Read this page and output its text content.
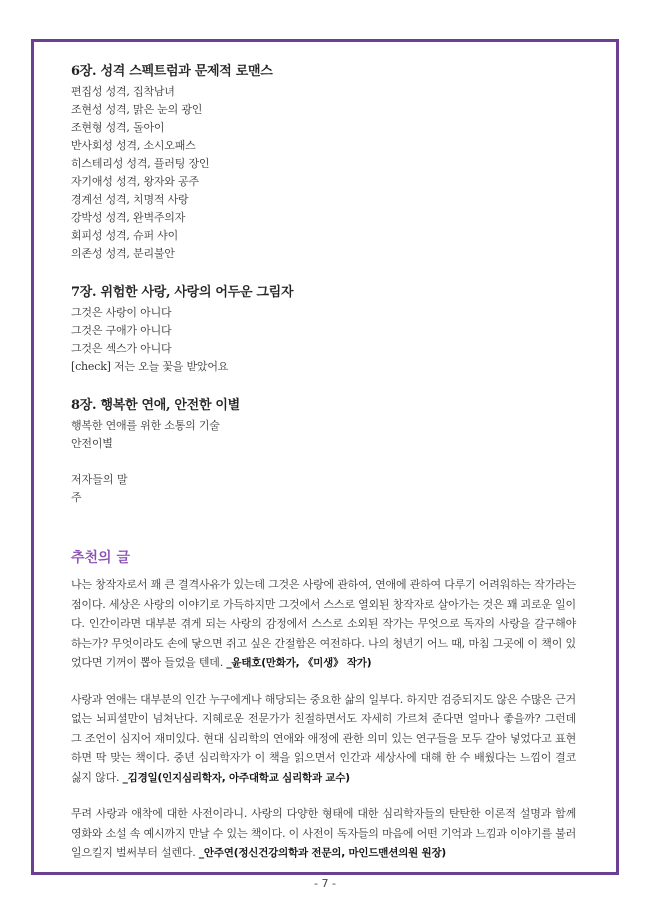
6장. 성격 스펙트럼과 문제적 로맨스
편집성 성격, 집착남녀
조현성 성격, 맑은 눈의 광인
조현형 성격, 돌아이
반사회성 성격, 소시오패스
히스테리성 성격, 플러팅 장인
자기애성 성격, 왕자와 공주
경계선 성격, 치명적 사랑
강박성 성격, 완벽주의자
회피성 성격, 슈퍼 샤이
의존성 성격, 분리불안
7장. 위험한 사랑, 사랑의 어두운 그림자
그것은 사랑이 아니다
그것은 구애가 아니다
그것은 섹스가 아니다
[check] 저는 오늘 꽃을 받았어요
8장. 행복한 연애, 안전한 이별
행복한 연애를 위한 소통의 기술
안전이별
저자들의 말
주
추천의 글

나는 창작자로서 꽤 큰 결격사유가 있는데 그것은 사랑에 관하여, 연애에 관하여 다루기 어려워하는 작가라는 점이다. 세상은 사랑의 이야기로 가득하지만 그것에서 스스로 열외된 창작자로 살아가는 것은 꽤 괴로운 일이다. 인간이라면 대부분 겪게 되는 사랑의 감정에서 스스로 소외된 작가는 무엇으로 독자의 사랑을 갈구해야 하는가? 무엇이라도 손에 닿으면 쥐고 싶은 간절함은 여전하다. 나의 청년기 어느 때, 마침 그곳에 이 책이 있었다면 기꺼이 뽑아 들었을 텐데. _윤태호(만화가, 《미생》 작가)

사랑과 연애는 대부분의 인간 누구에게나 해당되는 중요한 삶의 일부다. 하지만 검증되지도 않은 수많은 근거 없는 뇌피셜만이 넘쳐난다. 지혜로운 전문가가 친절하면서도 자세히 가르쳐 준다면 얼마나 좋을까? 그런데 그 조언이 심지어 재미있다. 현대 심리학의 연애와 애정에 관한 의미 있는 연구들을 모두 갈아 넣었다고 표현하면 딱 맞는 책이다. 중년 심리학자가 이 책을 읽으면서 인간과 세상사에 대해 한 수 배웠다는 느낌이 결코 싫지 않다. _김경일(인지심리학자, 아주대학교 심리학과 교수)

무려 사랑과 애착에 대한 사전이라니. 사랑의 다양한 형태에 대한 심리학자들의 탄탄한 이론적 설명과 함께 영화와 소설 속 예시까지 만날 수 있는 책이다. 이 사전이 독자들의 마음에 어떤 기억과 느낌과 이야기를 불러일으킬지 벌써부터 설렌다. _안주연(정신건강의학과 전문의, 마인드맨션의원 원장)

- 7 -
